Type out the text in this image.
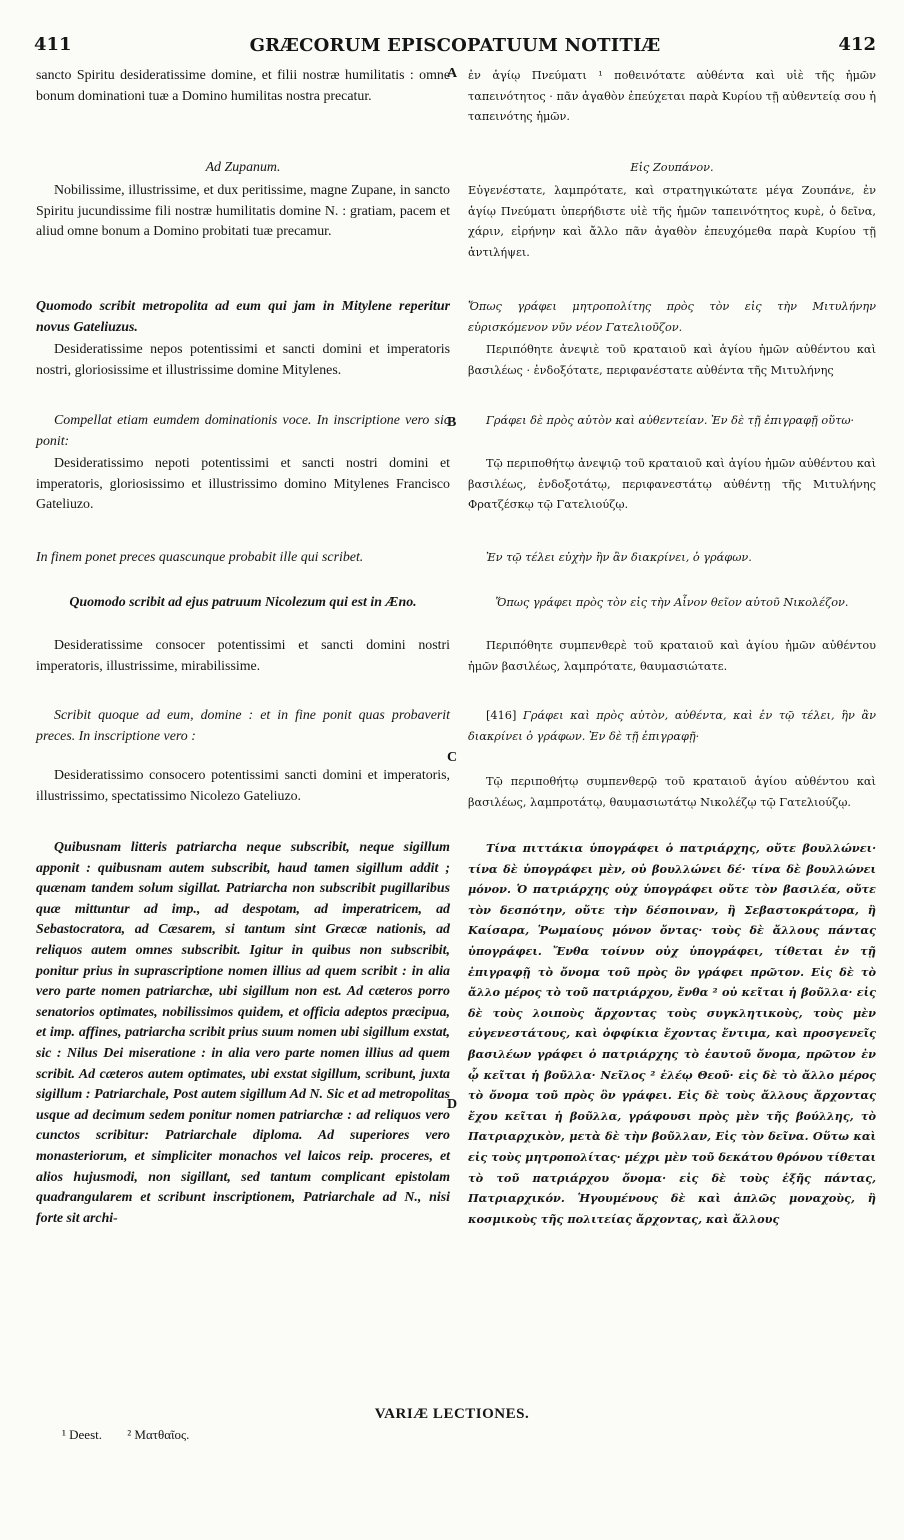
411	GRÆCORUM EPISCOPATUUM NOTITIÆ	412

sancto Spiritu desideratissime domine, et filii nostræ humilitatis : omne bonum dominationi tuæ a Domino humilitas nostra precatur.

Ad Zupanum.

Nobilissime, illustrissime, et dux peritissime, magne Zupane, in sancto Spiritu jucundissime fili nostræ humilitatis domine N. : gratiam, pacem et aliud omne bonum a Domino probitati tuæ precamur.

Quomodo scribit metropolita ad eum qui jam in Mitylene reperitur novus Gateliuzus.

Desideratissime nepos potentissimi et sancti domini et imperatoris nostri, gloriosissime et illustrissime domine Mitylenes.

Compellat etiam eumdem dominationis voce. In inscriptione vero sic ponit:

Desideratissimo nepoti potentissimi et sancti nostri domini et imperatoris, gloriosissimo et illustrissimo domino Mitylenes Francisco Gateliuzo.

In finem ponet preces quascunque probabit ille qui scribet.

Quomodo scribit ad ejus patruum Nicolezum qui est in Æno.

Desideratissime consocer potentissimi et sancti domini nostri imperatoris, illustrissime, mirabilissime.

Scribit quoque ad eum, domine : et in fine ponit quas probaverit preces. In inscriptione vero :

Desideratissimo consocero potentissimi sancti domini et imperatoris, illustrissimo, spectatissimo Nicolezo Gateliuzo.

Quibusnam litteris patriarcha neque subscribit, neque sigillum apponit : quibusnam autem subscribit, haud tamen sigillum addit ; quænam tandem solum sigillat. Patriarcha non subscribit pugillaribus quæ mittuntur ad imp., ad despotam, ad imperatricem, ad Sebastocratora, ad Cæsarem, si tantum sint Græcæ nationis, ad reliquos autem omnes subscribit. Igitur in quibus non subscribit, ponitur prius in suprascriptione nomen illius ad quem scribit : in alia vero parte nomen patriarchæ, ubi sigillum non est. Ad cæteros porro senatorios optimates, nobilissimos quidem, et officia adeptos præcipua, et imp. affines, patriarcha scribit prius suum nomen ubi sigillum exstat, sic : Nilus Dei miseratione : in alia vero parte nomen illius ad quem scribit. Ad cæteros autem optimates, ubi exstat sigillum, scribunt, juxta sigillum : Patriarchale, Post autem sigillum Ad N. Sic et ad metropolitas usque ad decimum sedem ponitur nomen patriarchæ : ad reliquos vero cunctos scribitur: Patriarchale diploma. Ad superiores vero monasteriorum, et simpliciter monachos vel laicos reip. proceres, et alios hujusmodi, non sigillant, sed tantum complicant epistolam quadrangularem et scribunt inscriptionem, Patriarchale ad N., nisi forte sit archi-

A
B
C
D

ἐν ἁγίῳ Πνεύματι ¹ ποθεινότατε αὐθέντα καὶ υἱὲ τῆς ἡμῶν ταπεινότητος · πᾶν ἀγαθὸν ἐπεύχεται παρὰ Κυρίου τῇ αὐθεντείᾳ σου ἡ ταπεινότης ἡμῶν.

Εἰς Ζουπάνον.

Εὐγενέστατε, λαμπρότατε, καὶ στρατηγικώτατε μέγα Ζουπάνε, ἐν ἁγίῳ Πνεύματι ὑπερήδιστε υἱὲ τῆς ἡμῶν ταπεινότητος κυρὲ, ὁ δεῖνα, χάριν, εἰρήνην καὶ ἄλλο πᾶν ἀγαθὸν ἐπευχόμεθα παρὰ Κυρίου τῇ ἀντιλήψει.

Ὅπως γράφει μητροπολίτης πρὸς τὸν εἰς τὴν Μιτυλήνην εὑρισκόμενον νῦν νέον Γατελιοῦζον.

Περιπόθητε ἀνεψιὲ τοῦ κραταιοῦ καὶ ἁγίου ἡμῶν αὐθέντου καὶ βασιλέως · ἐνδοξότατε, περιφανέστατε αὐθέντα τῆς Μιτυλήνης

Γράφει δὲ πρὸς αὐτὸν καὶ αὐθεντείαν. Ἐν δὲ τῇ ἐπιγραφῇ οὕτω·

Τῷ περιποθήτῳ ἀνεψιῷ τοῦ κραταιοῦ καὶ ἁγίου ἡμῶν αὐθέντου καὶ βασιλέως, ἐνδοξοτάτῳ, περιφανεστάτῳ αὐθέντῃ τῆς Μιτυλήνης Φρατζέσκῳ τῷ Γατελιούζῳ.

Ἐν τῷ τέλει εὐχὴν ἣν ἂν διακρίνει, ὁ γράφων.

Ὅπως γράφει πρὸς τὸν εἰς τὴν Αἶνον θεῖον αὐτοῦ Νικολέζον.

Περιπόθητε συμπενθερὲ τοῦ κραταιοῦ καὶ ἁγίου ἡμῶν αὐθέντου ἡμῶν βασιλέως, λαμπρότατε, θαυμασιώτατε.

[416] Γράφει καὶ πρὸς αὐτὸν, αὐθέντα, καὶ ἐν τῷ τέλει, ἣν ἂν διακρίνει ὁ γράφων. Ἐν δὲ τῇ ἐπιγραφῇ·

Τῷ περιποθήτῳ συμπενθερῷ τοῦ κραταιοῦ ἁγίου αὐθέντου καὶ βασιλέως, λαμπροτάτῳ, θαυμασιωτάτῳ Νικολέζῳ τῷ Γατελιούζῳ.

Τίνα πιττάκια ὑπογράφει ὁ πατριάρχης, οὔτε βουλλώνει· τίνα δὲ ὑπογράφει μὲν, οὐ βουλλώνει δέ· τίνα δὲ βουλλώνει μόνον. Ὁ πατριάρχης οὐχ ὑπογράφει οὔτε τὸν βασιλέα, οὔτε τὸν δεσπότην, οὔτε τὴν δέσποιναν, ἢ Σεβαστοκράτορα, ἢ Καίσαρα, Ῥωμαίους μόνον ὄντας· τοὺς δὲ ἄλλους πάντας ὑπογράφει. Ἔνθα τοίνυν οὐχ ὑπογράφει, τίθεται ἐν τῇ ἐπιγραφῇ τὸ ὄνομα τοῦ πρὸς ὃν γράφει πρῶτον. Εἰς δὲ τὸ ἄλλο μέρος τὸ τοῦ πατριάρχου, ἔνθα ² οὐ κεῖται ἡ βοῦλλα· εἰς δὲ τοὺς λοιποὺς ἄρχοντας τοὺς συγκλητικοὺς, τοὺς μὲν εὐγενεστάτους, καὶ ὀφφίκια ἔχοντας ἔντιμα, καὶ προσγενεῖς βασιλέων γράφει ὁ πατριάρχης τὸ ἑαυτοῦ ὄνομα, πρῶτον ἐν ᾧ κεῖται ἡ βοῦλλα· Νεῖλος ² ἐλέῳ Θεοῦ· εἰς δὲ τὸ ἄλλο μέρος τὸ ὄνομα τοῦ πρὸς ὃν γράφει. Εἰς δὲ τοὺς ἄλλους ἄρχοντας ἔχου κεῖται ἡ βοῦλλα, γράφουσι πρὸς μὲν τῆς βούλλης, τὸ Πατριαρχικὸν, μετὰ δὲ τὴν βοῦλλαν, Εἰς τὸν δεῖνα. Οὕτω καὶ εἰς τοὺς μητροπολίτας· μέχρι μὲν τοῦ δεκάτου θρόνου τίθεται τὸ τοῦ πατριάρχου ὄνομα· εἰς δὲ τοὺς ἑξῆς πάντας, Πατριαρχικόν. Ἡγουμένους δὲ καὶ ἁπλῶς μοναχοὺς, ἢ κοσμικοὺς τῆς πολιτείας ἄρχοντας, καὶ ἄλλους

VARIÆ LECTIONES.
¹ Deest. ² Ματθαῖος.
